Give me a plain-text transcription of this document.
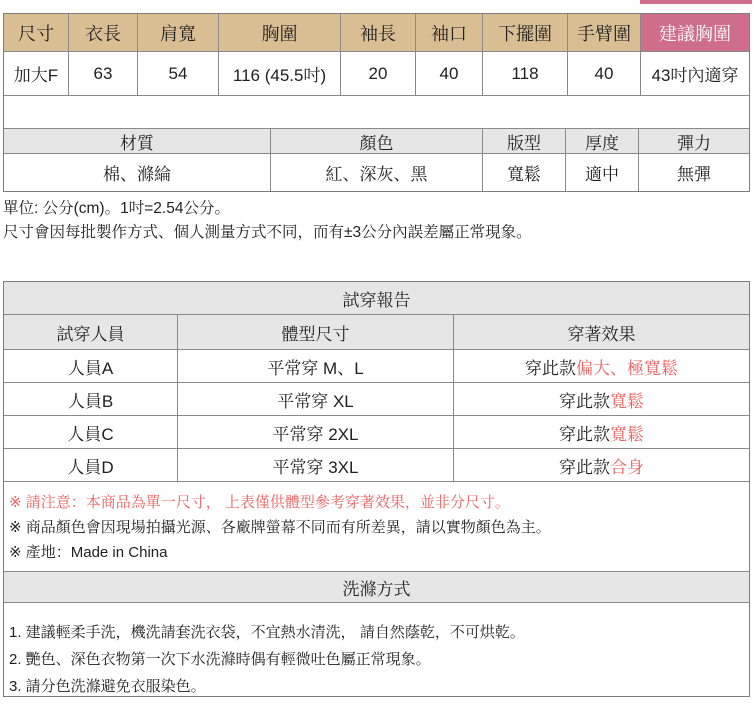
尺寸	衣長	肩寬	胸圍	袖長	袖口	下擺圍	手臂圍	建議胸圍
加大F	63	54	116 (45.5吋)	20	40	118	40	43吋內適穿
材質	顏色	版型	厚度	彈力
棉、滌綸	紅、深灰、黑	寬鬆	適中	無彈
單位: 公分(cm)。1吋=2.54公分。
尺寸會因每批製作方式、個人測量方式不同，而有±3公分內誤差屬正常現象。
試穿報告
試穿人員	體型尺寸	穿著效果
人員A	平常穿 M、L	穿此款 偏大、極寬鬆
人員B	平常穿 XL	穿此款 寬鬆
人員C	平常穿 2XL	穿此款 寬鬆
人員D	平常穿 3XL	穿此款 合身
※ 請注意：本商品為單一尺寸， 上表僅供體型參考穿著效果，並非分尺寸。
※ 商品顏色會因現場拍攝光源、各廠牌螢幕不同而有所差異，請以實物顏色為主。
※ 產地：Made in China
洗滌方式
1. 建議輕柔手洗，機洗請套洗衣袋，不宜熱水清洗， 請自然蔭乾，不可烘乾。
2. 艷色、深色衣物第一次下水洗滌時偶有輕微吐色屬正常現象。
3. 請分色洗滌避免衣服染色。
